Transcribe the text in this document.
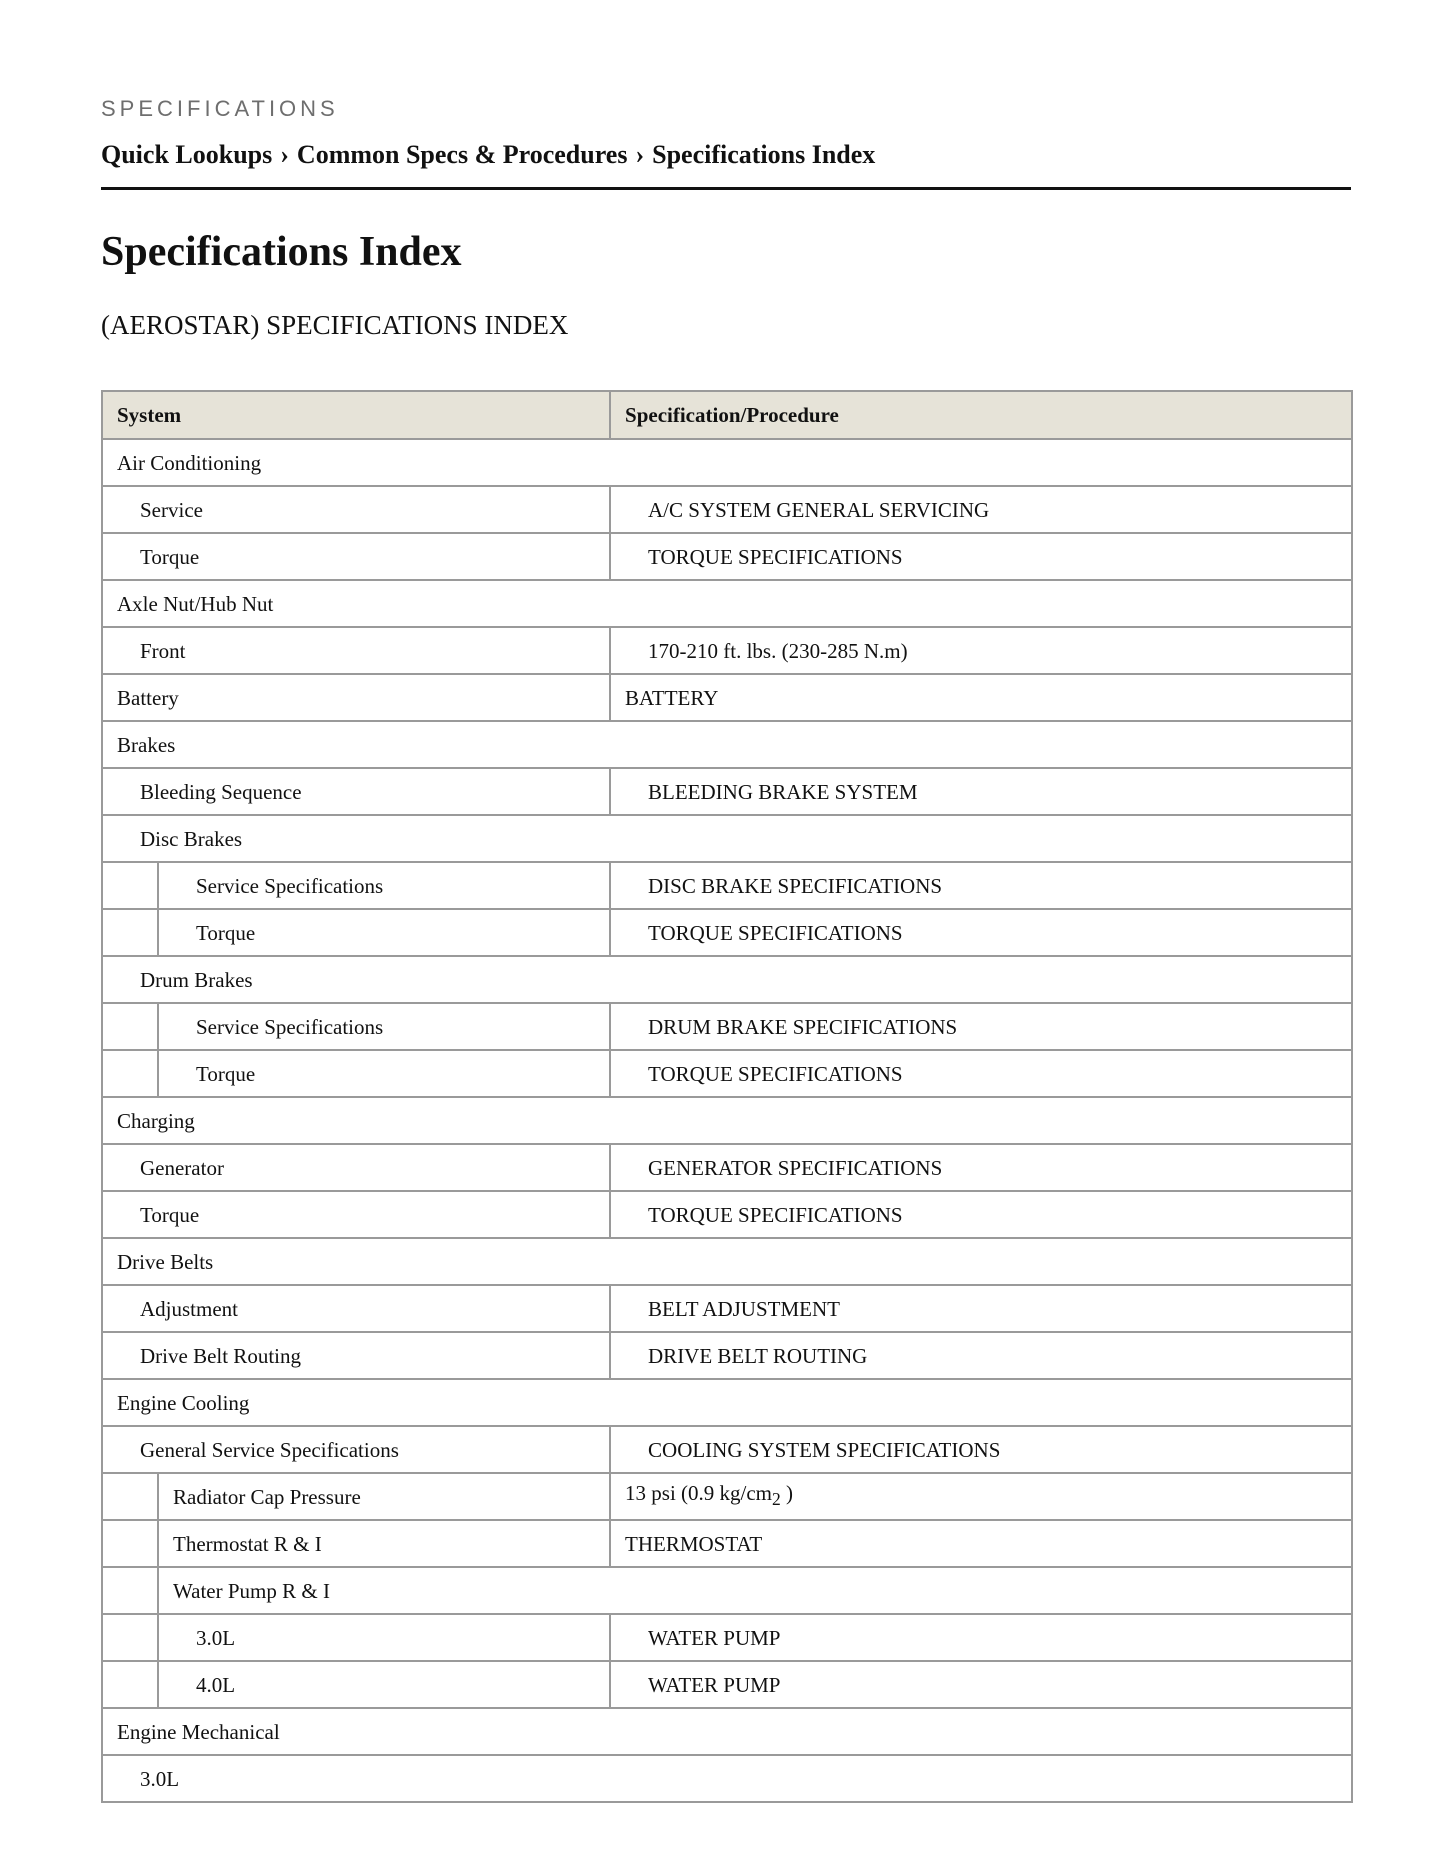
SPECIFICATIONS
Quick Lookups › Common Specs & Procedures › Specifications Index
Specifications Index
(AEROSTAR) SPECIFICATIONS INDEX
System		Specification/Procedure
Air Conditioning		
Service		A/C SYSTEM GENERAL SERVICING
Torque		TORQUE SPECIFICATIONS
Axle Nut/Hub Nut		
Front		170-210 ft. lbs. (230-285 N.m)
Battery		BATTERY
Brakes		
Bleeding Sequence		BLEEDING BRAKE SYSTEM
Disc Brakes		
	Service Specifications	DISC BRAKE SPECIFICATIONS
	Torque	TORQUE SPECIFICATIONS
Drum Brakes		
	Service Specifications	DRUM BRAKE SPECIFICATIONS
	Torque	TORQUE SPECIFICATIONS
Charging		
Generator		GENERATOR SPECIFICATIONS
Torque		TORQUE SPECIFICATIONS
Drive Belts		
Adjustment		BELT ADJUSTMENT
Drive Belt Routing		DRIVE BELT ROUTING
Engine Cooling		
General Service Specifications		COOLING SYSTEM SPECIFICATIONS
	Radiator Cap Pressure	13 psi (0.9 $kg/cm_2$ )
	Thermostat R & I	THERMOSTAT
	Water Pump R & I	
	3.0L	WATER PUMP
	4.0L	WATER PUMP
Engine Mechanical		
3.0L		
